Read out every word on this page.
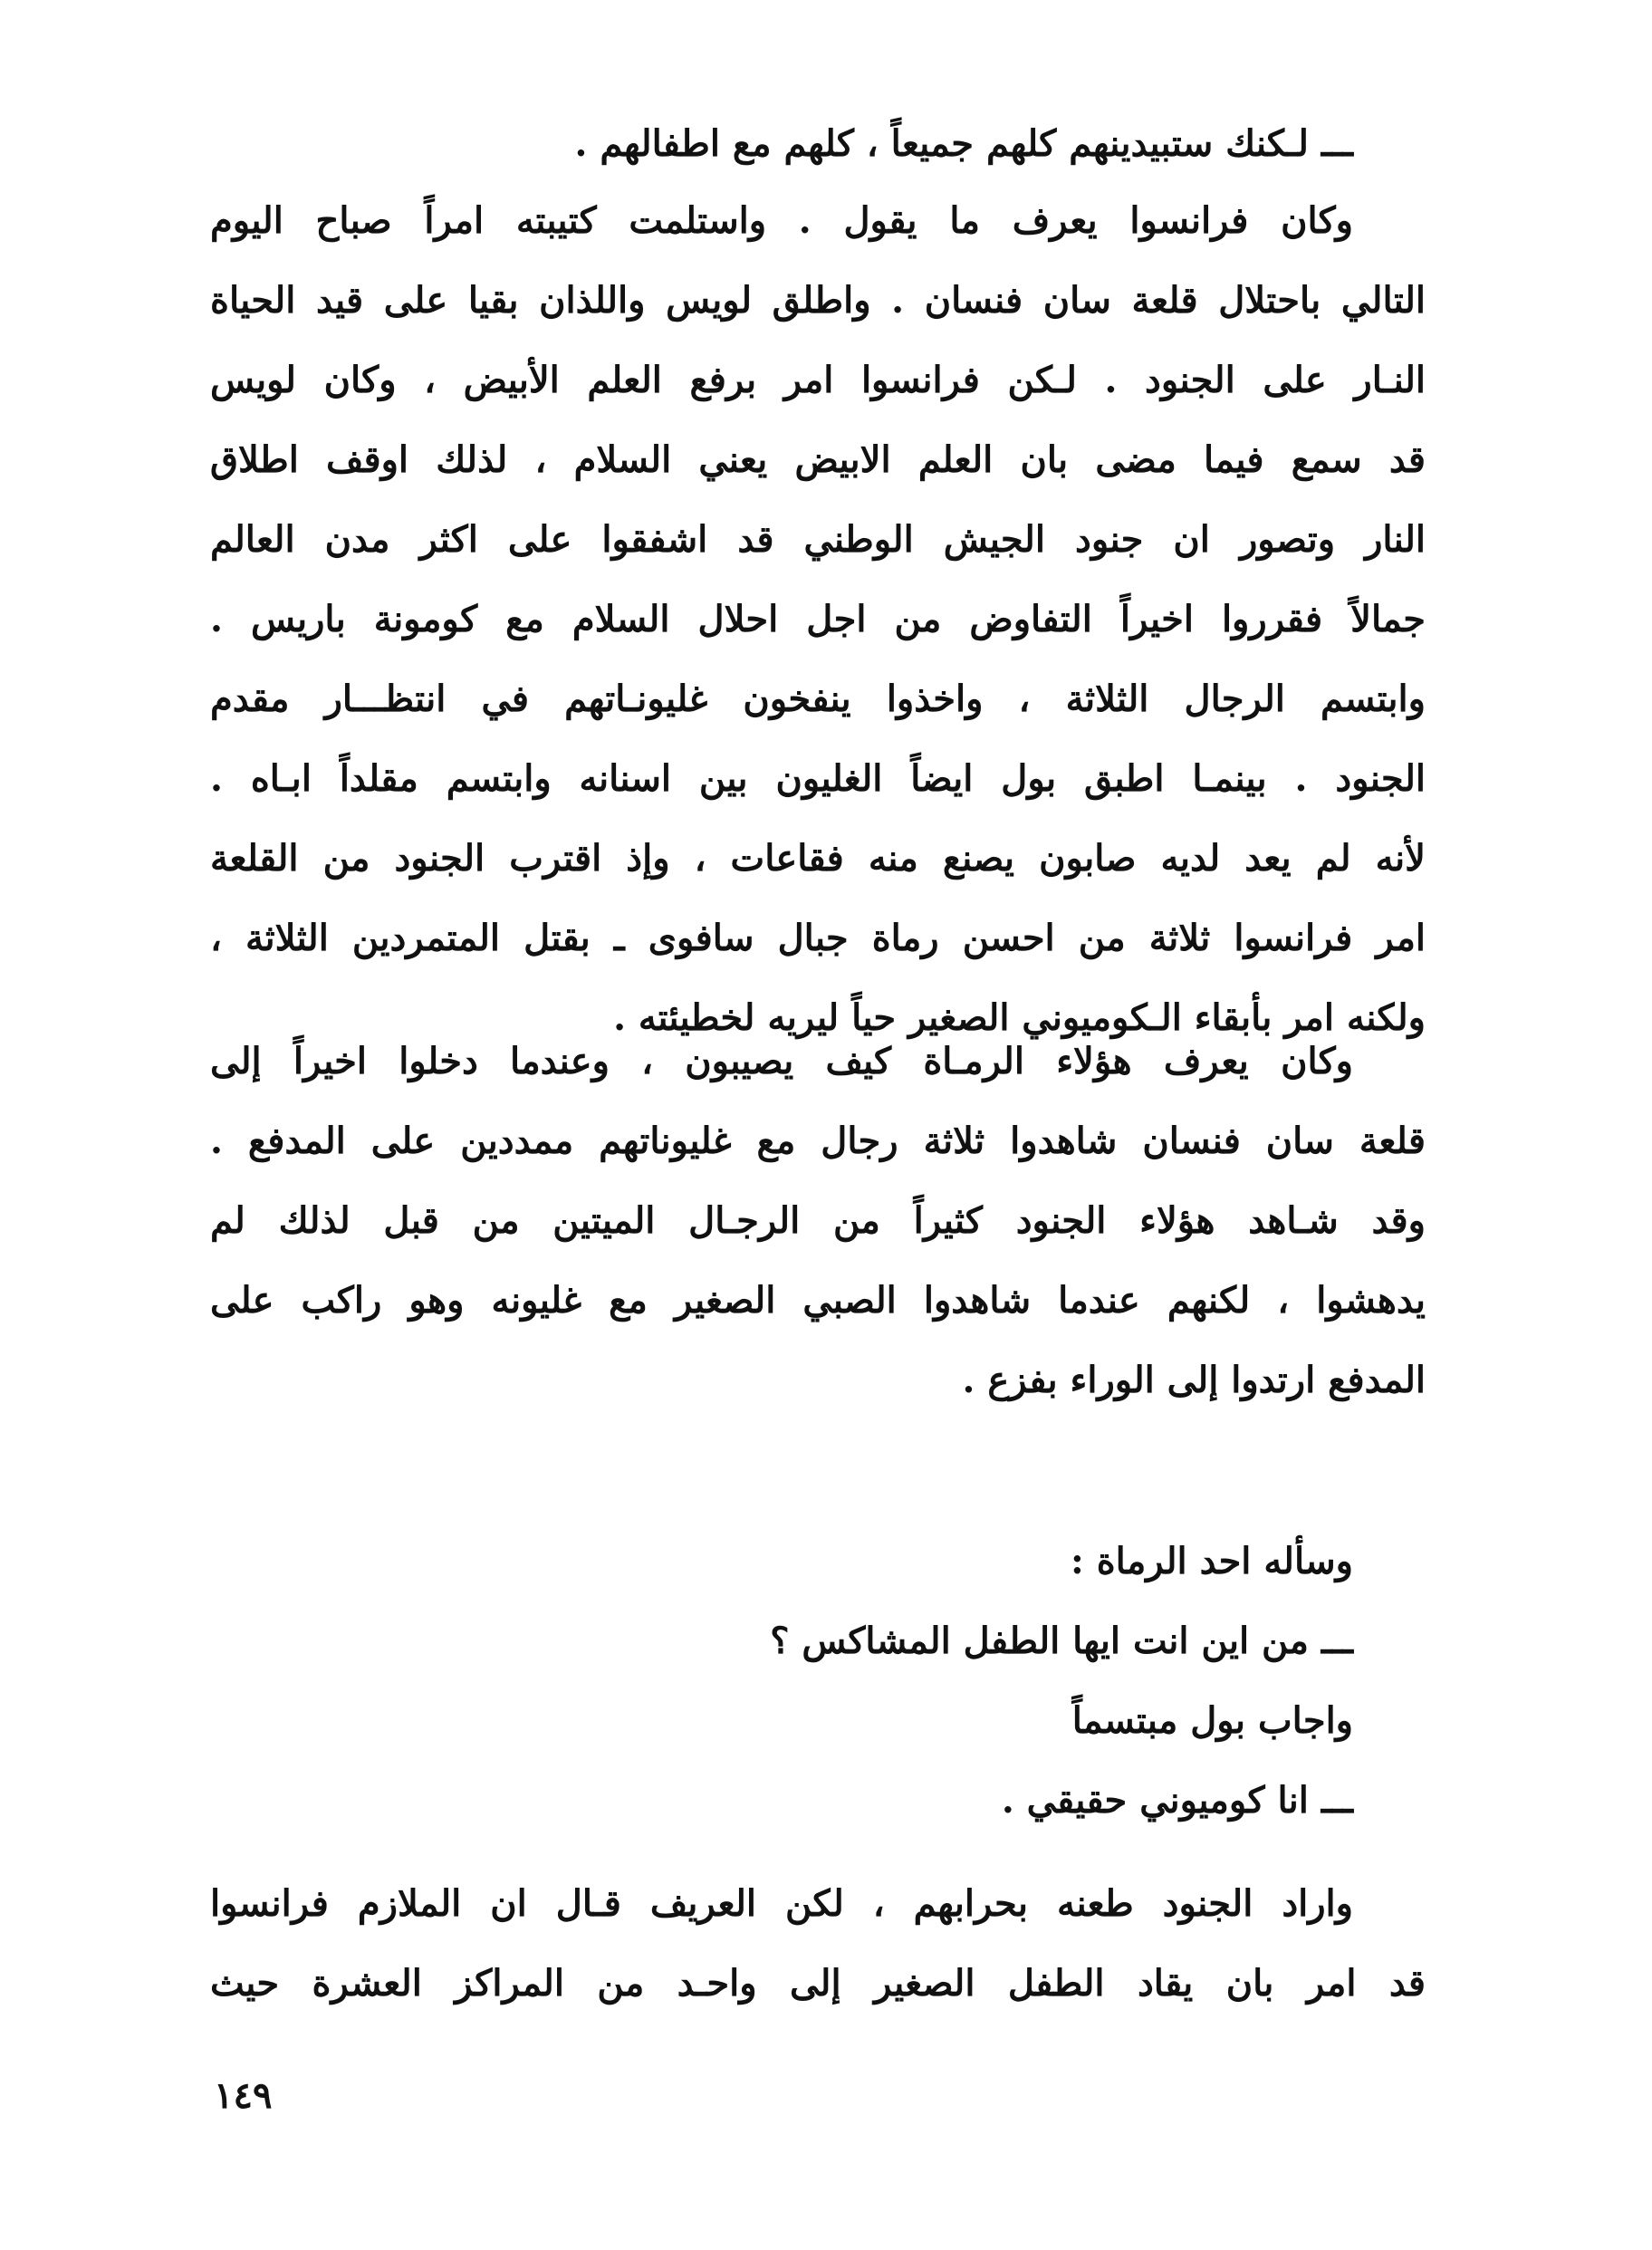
ـــ لـكنك ستبيدينهم كلهم جميعاً ، كلهم مع اطفالهم .
وكان فرانسوا يعرف ما يقول . واستلمت كتيبته امراً صباح اليوم
التالي باحتلال قلعة سان فنسان . واطلق لويس واللذان بقيا على قيد الحياة
النـار على الجنود . لـكن فرانسوا امر برفع العلم الأبيض ، وكان لويس
قد سمع فيما مضى بان العلم الابيض يعني السلام ، لذلك اوقف اطلاق
النار وتصور ان جنود الجيش الوطني قد اشفقوا على اكثر مدن العالم
جمالاً فقرروا اخيراً التفاوض من اجل احلال السلام مع كومونة باريس .
وابتسم الرجال الثلاثة ، واخذوا ينفخون غليونـاتهم في انتظـــار مقدم
الجنود . بينمـا اطبق بول ايضاً الغليون بين اسنانه وابتسم مقلداً ابـاه .
لأنه لم يعد لديه صابون يصنع منه فقاعات ، وإذ اقترب الجنود من القلعة
امر فرانسوا ثلاثة من احسن رماة جبال سافوى ـ بقتل المتمردين الثلاثة ،
ولكنه امر بأبقاء الـكوميوني الصغير حياً ليريه لخطيئته .
وكان يعرف هؤلاء الرمـاة كيف يصيبون ، وعندما دخلوا اخيراً إلى
قلعة سان فنسان شاهدوا ثلاثة رجال مع غليوناتهم ممددين على المدفع .
وقد شـاهد هؤلاء الجنود كثيراً من الرجـال الميتين من قبل لذلك لم
يدهشوا ، لكنهم عندما شاهدوا الصبي الصغير مع غليونه وهو راكب على
المدفع ارتدوا إلى الوراء بفزع .
وسأله احد الرماة :
ـــ من اين انت ايها الطفل المشاكس ؟
واجاب بول مبتسماً
ـــ انا كوميوني حقيقي .
واراد الجنود طعنه بحرابهم ، لكن العريف قـال ان الملازم فرانسوا
قد امر بان يقاد الطفل الصغير إلى واحـد من المراكز العشرة حيث
١٤٩
